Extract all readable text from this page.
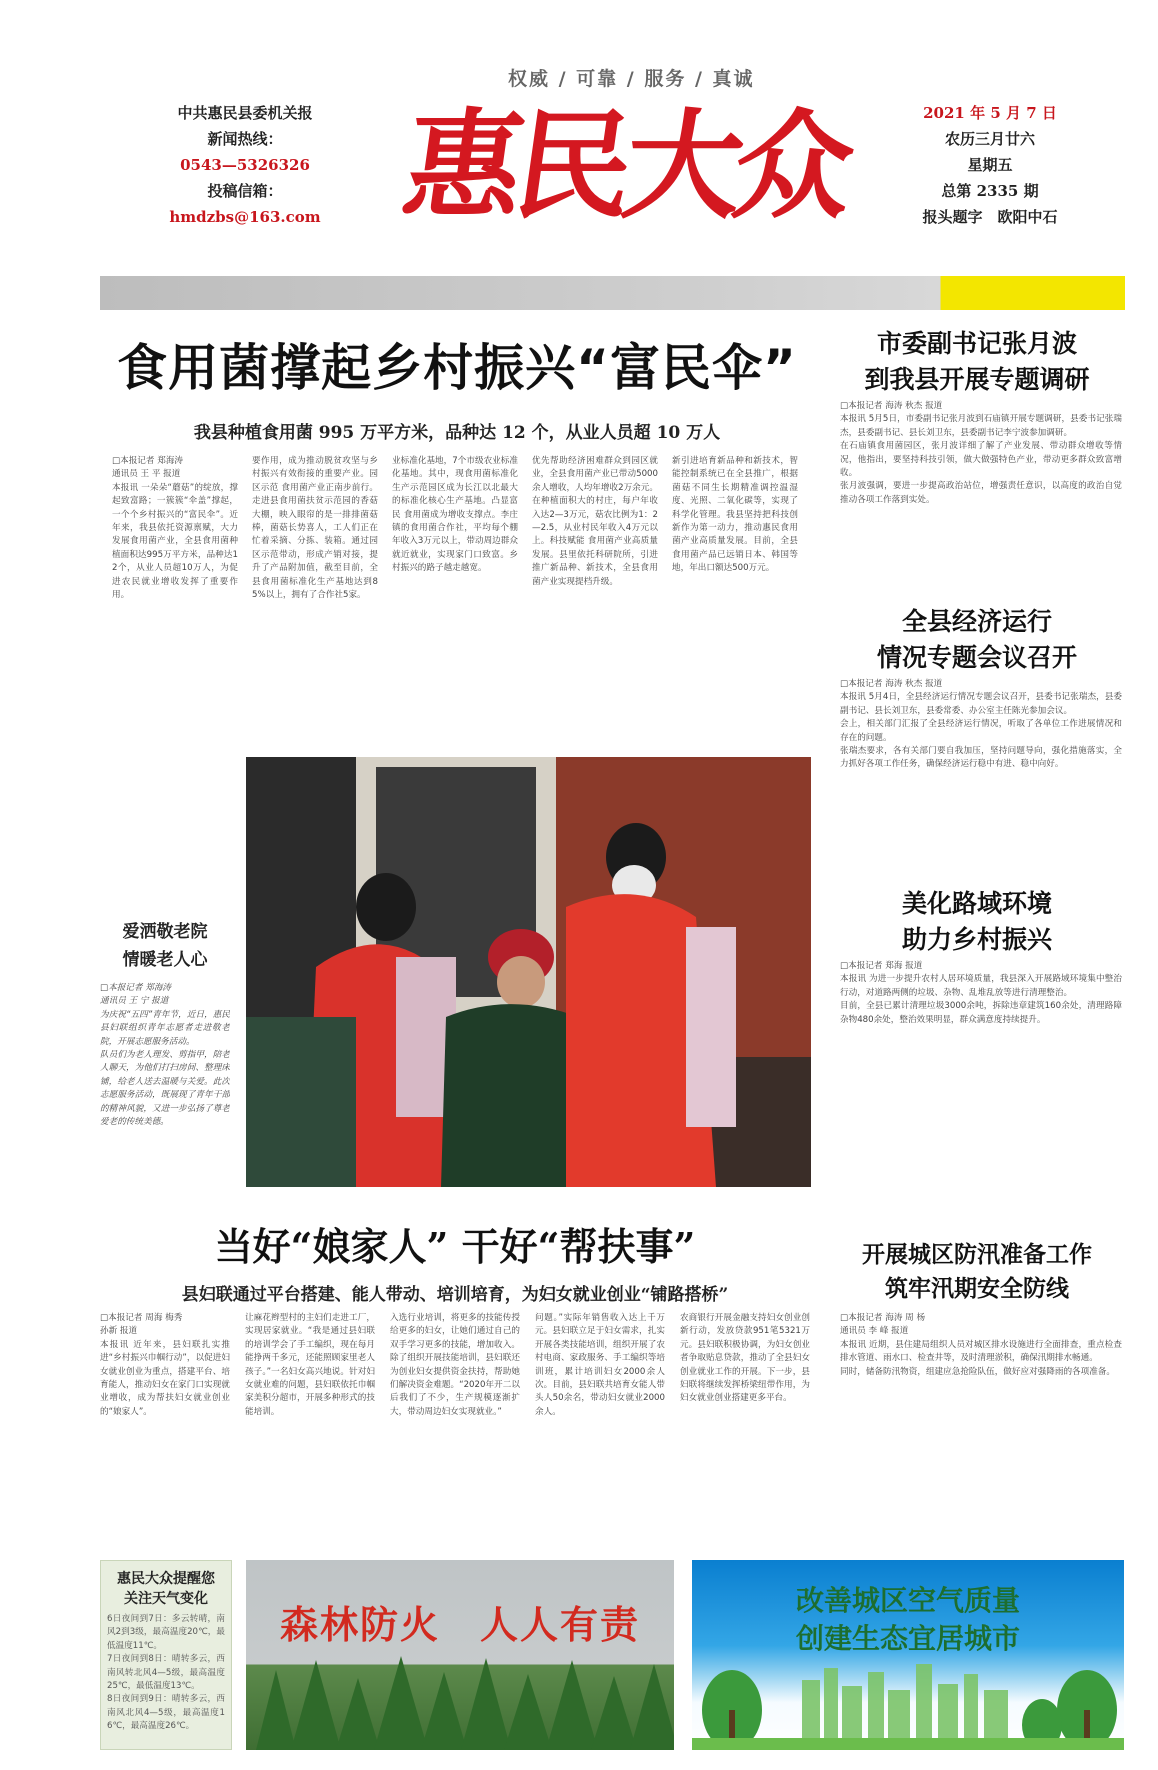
权威 / 可靠 / 服务 / 真诚
中共惠民县委机关报
新闻热线：
0543—5326326
投稿信箱：
hmdzbs@163.com 惠民大众	2021 年 5 月 7 日
农历三月廿六
星期五
总第 2335 期
报头题字　欧阳中石
食用菌撑起乡村振兴“富民伞”
我县种植食用菌 995 万平方米，品种达 12 个，从业人员超 10 万人
□本报记者 郑海涛
通讯员 王 平 报道
本报讯 一朵朵“蘑菇”的绽放，撑起致富路；一簇簇“伞盖”撑起，一个个乡村振兴的“富民伞”。近年来，我县依托资源禀赋，大力发展食用菌产业，全县食用菌种植面积达995万平方米，品种达12个，从业人员超10万人，为促进农民就业增收发挥了重要作用。
要作用，成为推动脱贫攻坚与乡村振兴有效衔接的重要产业。园区示范 食用菌产业正南步前行。走进县食用菌扶贫示范园的香菇大棚，映入眼帘的是一排排菌菇棒，菌菇长势喜人，工人们正在忙着采摘、分拣、装箱。通过园区示范带动，形成产销对接，提升了产品附加值，截至目前，全县食用菌标准化生产基地达到85%以上，拥有了合作社5家。
业标准化基地，7个市级农业标准化基地。其中，现食用菌标准化生产示范园区成为长江以北最大的标准化核心生产基地。凸显富民 食用菌成为增收支撑点。李庄镇的食用菌合作社，平均每个棚年收入3万元以上，带动周边群众就近就业，实现家门口致富。乡村振兴的路子越走越宽。
优先帮助经济困难群众到园区就业，全县食用菌产业已带动5000余人增收，人均年增收2万余元。在种植面积大的村庄，每户年收入达2—3万元，菇农比例为1：2—2.5，从业村民年收入4万元以上。科技赋能 食用菌产业高质量发展。县里依托科研院所，引进推广新品种、新技术，全县食用菌产业实现提档升级。
新引进培育新品种和新技术，智能控制系统已在全县推广，根据菌菇不同生长期精准调控温湿度、光照、二氧化碳等，实现了科学化管理。我县坚持把科技创新作为第一动力，推动惠民食用菌产业高质量发展。目前，全县食用菌产品已远销日本、韩国等地，年出口额达500万元。
爱洒敬老院
情暖老人心
□本报记者 郑海涛
通讯员 王 宁 报道
为庆祝“五四”青年节，近日，惠民县妇联组织青年志愿者走进敬老院，开展志愿服务活动。
队员们为老人理发、剪指甲，陪老人聊天，为他们打扫房间、整理床铺，给老人送去温暖与关爱。此次志愿服务活动，既展现了青年干部的精神风貌，又进一步弘扬了尊老爱老的传统美德。
市委副书记张月波
到我县开展专题调研
□本报记者 海涛 秋杰 报道
本报讯 5月5日，市委副书记张月波到石庙镇开展专题调研，县委书记张瑞杰，县委副书记、县长刘卫东，县委副书记李宁波参加调研。
在石庙镇食用菌园区，张月波详细了解了产业发展、带动群众增收等情况，他指出，要坚持科技引领，做大做强特色产业，带动更多群众致富增收。
张月波强调，要进一步提高政治站位，增强责任意识，以高度的政治自觉推动各项工作落到实处。
全县经济运行
情况专题会议召开
□本报记者 海涛 秋杰 报道
本报讯 5月4日，全县经济运行情况专题会议召开，县委书记张瑞杰，县委副书记、县长刘卫东，县委常委、办公室主任陈光参加会议。
会上，相关部门汇报了全县经济运行情况，听取了各单位工作进展情况和存在的问题。
张瑞杰要求，各有关部门要自我加压，坚持问题导向，强化措施落实，全力抓好各项工作任务，确保经济运行稳中有进、稳中向好。
美化路域环境
助力乡村振兴
□本报记者 郑海 报道
本报讯 为进一步提升农村人居环境质量，我县深入开展路域环境集中整治行动，对道路两侧的垃圾、杂物、乱堆乱放等进行清理整治。
目前，全县已累计清理垃圾3000余吨，拆除违章建筑160余处，清理路障杂物480余处，整治效果明显，群众满意度持续提升。
当好“娘家人” 干好“帮扶事”
县妇联通过平台搭建、能人带动、培训培育，为妇女就业创业“铺路搭桥”
□本报记者 周海 梅秀
孙新 报道
本报讯 近年来，县妇联扎实推进“乡村振兴巾帼行动”，以促进妇女就业创业为重点，搭建平台、培育能人，推动妇女在家门口实现就业增收，成为帮扶妇女就业创业的“娘家人”。
让麻花辫型村的主妇们走进工厂，实现居家就业。“我是通过县妇联的培训学会了手工编织，现在每月能挣两千多元，还能照顾家里老人孩子。”一名妇女高兴地说。针对妇女就业难的问题，县妇联依托巾帼家美积分超市，开展多种形式的技能培训。
入选行业培训，将更多的技能传授给更多的妇女，让她们通过自己的双手学习更多的技能，增加收入。除了组织开展技能培训，县妇联还为创业妇女提供资金扶持，帮助她们解决资金难题。“2020年开二以后我们了不少，生产规模逐渐扩大，带动周边妇女实现就业。”
问题。”实际年销售收入达上千万元。县妇联立足于妇女需求，扎实开展各类技能培训，组织开展了农村电商、家政服务、手工编织等培训班，累计培训妇女2000余人次。目前，县妇联共培育女能人带头人50余名，带动妇女就业2000余人。
农商银行开展金融支持妇女创业创新行动，发放贷款951笔5321万元。县妇联积极协调，为妇女创业者争取贴息贷款，推动了全县妇女创业就业工作的开展。下一步，县妇联将继续发挥桥梁纽带作用，为妇女就业创业搭建更多平台。
开展城区防汛准备工作
筑牢汛期安全防线
□本报记者 海涛 周 杨
通讯员 李 峰 报道
本报讯 近期，县住建局组织人员对城区排水设施进行全面排查，重点检查排水管道、雨水口、检查井等，及时清理淤积，确保汛期排水畅通。
同时，储备防汛物资，组建应急抢险队伍，做好应对强降雨的各项准备。
惠民大众提醒您
关注天气变化
6日夜间到7日：多云转晴，南风2到3级，最高温度20℃，最低温度11℃。
7日夜间到8日：晴转多云，西南风转北风4—5级，最高温度25℃，最低温度13℃。
8日夜间到9日：晴转多云，西南风北风4—5级，最高温度16℃，最高温度26℃。
森林防火　人人有责
改善城区空气质量
创建生态宜居城市
